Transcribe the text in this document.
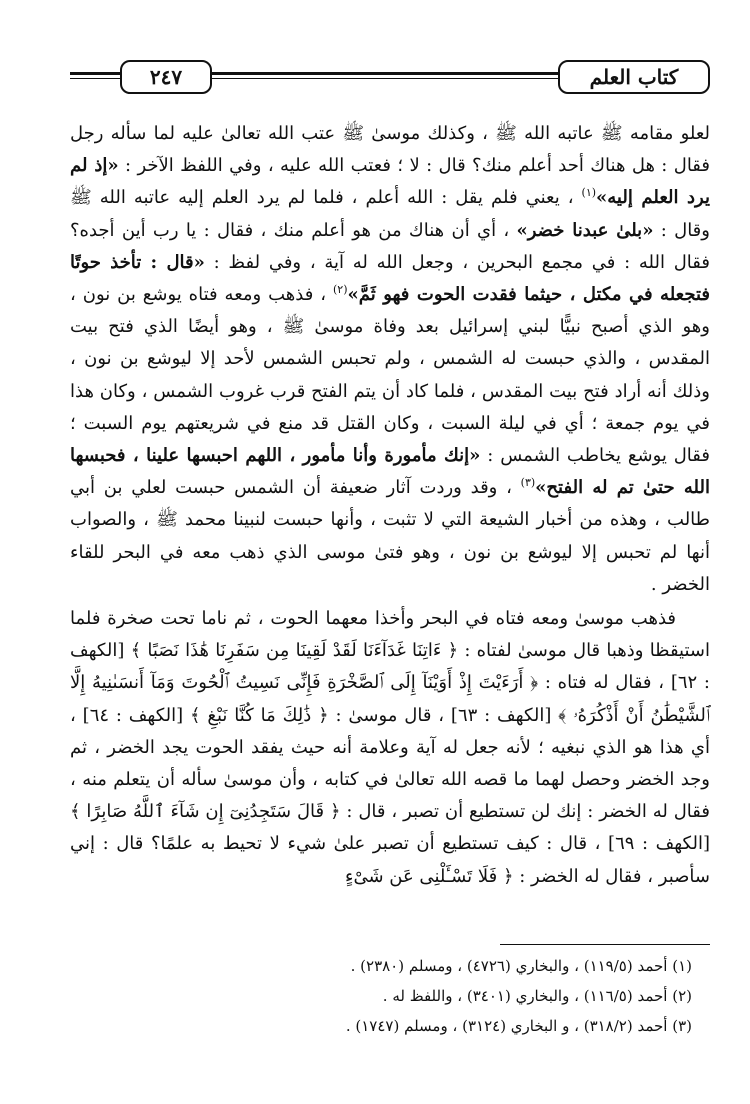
كتاب العلم
٢٤٧

لعلو مقامه ﷺ عاتبه الله ﷺ ، وكذلك موسىٰ ﷺ عتب الله تعالىٰ عليه لما سأله رجل فقال : هل هناك أحد أعلم منك؟ قال : لا ؛ فعتب الله عليه ، وفي اللفظ الآخر : «إذ لم يرد العلم إليه»$^{(١)}$ ، يعني فلم يقل : الله أعلم ، فلما لم يرد العلم إليه عاتبه الله ﷺ وقال : «بلىٰ عبدنا خضر» ، أي أن هناك من هو أعلم منك ، فقال : يا رب أين أجده؟ فقال الله : في مجمع البحرين ، وجعل الله له آية ، وفي لفظ : «قال : تأخذ حوتًا فتجعله في مكتل ، حيثما فقدت الحوت فهو ثَمَّ»$^{(٢)}$ ، فذهب ومعه فتاه يوشع بن نون ، وهو الذي أصبح نبيًّا لبني إسرائيل بعد وفاة موسىٰ ﷺ ، وهو أيضًا الذي فتح بيت المقدس ، والذي حبست له الشمس ، ولم تحبس الشمس لأحد إلا ليوشع بن نون ، وذلك أنه أراد فتح بيت المقدس ، فلما كاد أن يتم الفتح قرب غروب الشمس ، وكان هذا في يوم جمعة ؛ أي في ليلة السبت ، وكان القتل قد منع في شريعتهم يوم السبت ؛ فقال يوشع يخاطب الشمس : «إنك مأمورة وأنا مأمور ، اللهم احبسها علينا ، فحبسها الله حتىٰ تم له الفتح»$^{(٣)}$ ، وقد وردت آثار ضعيفة أن الشمس حبست لعلي بن أبي طالب ، وهذه من أخبار الشيعة التي لا تثبت ، وأنها حبست لنبينا محمد ﷺ ، والصواب أنها لم تحبس إلا ليوشع بن نون ، وهو فتىٰ موسى الذي ذهب معه في البحر للقاء الخضر .

فذهب موسىٰ ومعه فتاه في البحر وأخذا معهما الحوت ، ثم ناما تحت صخرة فلما استيقظا وذهبا قال موسىٰ لفتاه : ﴿ ءَاتِنَا غَدَآءَنَا لَقَدْ لَقِينَا مِن سَفَرِنَا هَٰذَا نَصَبًا ﴾ [الكهف : ٦٢] ، فقال له فتاه : ﴿ أَرَءَيْتَ إِذْ أَوَيْنَآ إِلَى ٱلصَّخْرَةِ فَإِنِّى نَسِيتُ ٱلْحُوتَ وَمَآ أَنسَىٰنِيهُ إِلَّا ٱلشَّيْطَٰنُ أَنْ أَذْكُرَهُۥ ﴾ [الكهف : ٦٣] ، قال موسىٰ : ﴿ ذَٰلِكَ مَا كُنَّا نَبْغِ ﴾ [الكهف : ٦٤] ، أي هذا هو الذي نبغيه ؛ لأنه جعل له آية وعلامة أنه حيث يفقد الحوت يجد الخضر ، ثم وجد الخضر وحصل لهما ما قصه الله تعالىٰ في كتابه ، وأن موسىٰ سأله أن يتعلم منه ، فقال له الخضر : إنك لن تستطيع أن تصبر ، قال : ﴿ قَالَ سَتَجِدُنِىٓ إِن شَآءَ ٱللَّهُ صَابِرًا ﴾ [الكهف : ٦٩] ، قال : كيف تستطيع أن تصبر علىٰ شيء لا تحيط به علمًا؟ قال : إني سأصبر ، فقال له الخضر : ﴿ فَلَا تَسْـَٔلْنِى عَن شَىْءٍ

(١) أحمد (١١٩/٥) ، والبخاري (٤٧٢٦) ، ومسلم (٢٣٨٠) .
(٢) أحمد (١١٦/٥) ، والبخاري (٣٤٠١) ، واللفظ له .
(٣) أحمد (٣١٨/٢) ، و البخاري (٣١٢٤) ، ومسلم (١٧٤٧) .
